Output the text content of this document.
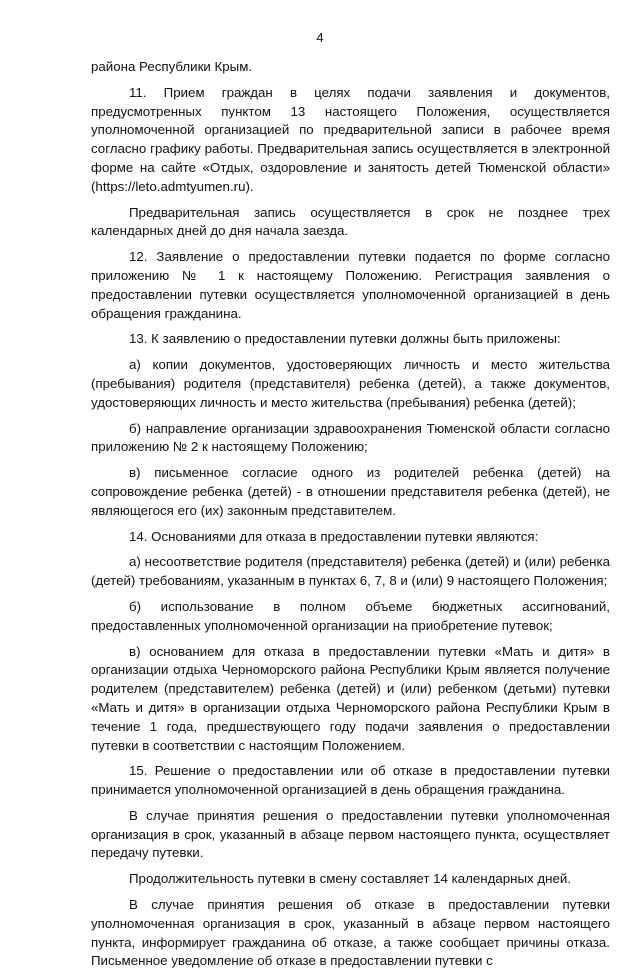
4

района Республики Крым.

11. Прием граждан в целях подачи заявления и документов, предусмотренных пунктом 13 настоящего Положения, осуществляется уполномоченной организацией по предварительной записи в рабочее время согласно графику работы. Предварительная запись осуществляется в электронной форме на сайте «Отдых, оздоровление и занятость детей Тюменской области» (https://leto.admtyumen.ru).

Предварительная запись осуществляется в срок не позднее трех календарных дней до дня начала заезда.

12. Заявление о предоставлении путевки подается по форме согласно приложению № 1 к настоящему Положению. Регистрация заявления о предоставлении путевки осуществляется уполномоченной организацией в день обращения гражданина.

13. К заявлению о предоставлении путевки должны быть приложены:

а) копии документов, удостоверяющих личность и место жительства (пребывания) родителя (представителя) ребенка (детей), а также документов, удостоверяющих личность и место жительства (пребывания) ребенка (детей);

б) направление организации здравоохранения Тюменской области согласно приложению № 2 к настоящему Положению;

в) письменное согласие одного из родителей ребенка (детей) на сопровождение ребенка (детей) - в отношении представителя ребенка (детей), не являющегося его (их) законным представителем.

14. Основаниями для отказа в предоставлении путевки являются:

а) несоответствие родителя (представителя) ребенка (детей) и (или) ребенка (детей) требованиям, указанным в пунктах 6, 7, 8 и (или) 9 настоящего Положения;

б) использование в полном объеме бюджетных ассигнований, предоставленных уполномоченной организации на приобретение путевок;

в) основанием для отказа в предоставлении путевки «Мать и дитя» в организации отдыха Черноморского района Республики Крым является получение родителем (представителем) ребенка (детей) и (или) ребенком (детьми) путевки «Мать и дитя» в организации отдыха Черноморского района Республики Крым в течение 1 года, предшествующего году подачи заявления о предоставлении путевки в соответствии с настоящим Положением.

15. Решение о предоставлении или об отказе в предоставлении путевки принимается уполномоченной организацией в день обращения гражданина.

В случае принятия решения о предоставлении путевки уполномоченная организация в срок, указанный в абзаце первом настоящего пункта, осуществляет передачу путевки.

Продолжительность путевки в смену составляет 14 календарных дней.

В случае принятия решения об отказе в предоставлении путевки уполномоченная организация в срок, указанный в абзаце первом настоящего пункта, информирует гражданина об отказе, а также сообщает причины отказа. Письменное уведомление об отказе в предоставлении путевки с
